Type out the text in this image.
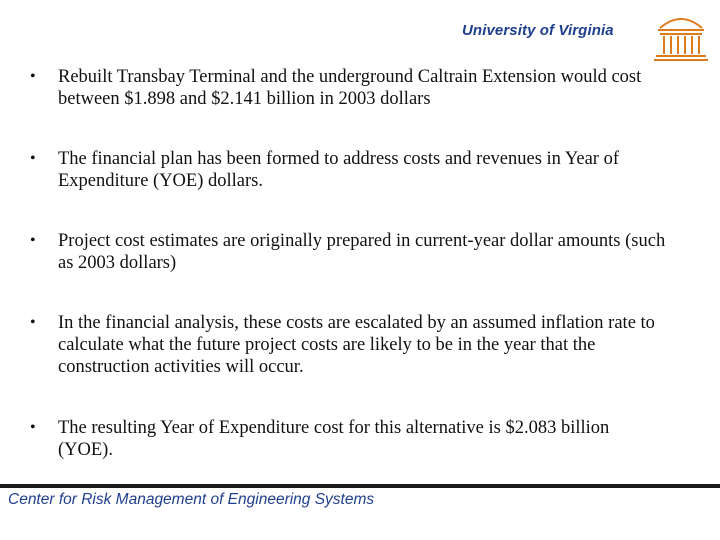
University of Virginia
•	Rebuilt Transbay Terminal and the underground Caltrain Extension would cost between $1.898 and $2.141 billion in 2003 dollars
•	The financial plan has been formed to address costs and revenues in Year of Expenditure (YOE) dollars.
•	Project cost estimates are originally prepared in current-year dollar amounts (such as 2003 dollars)
•	In the financial analysis, these costs are escalated by an assumed inflation rate to calculate what the future project costs are likely to be in the year that the construction activities will occur.
•	The resulting Year of Expenditure cost for this alternative is $2.083 billion (YOE).
Center for Risk Management of Engineering Systems
